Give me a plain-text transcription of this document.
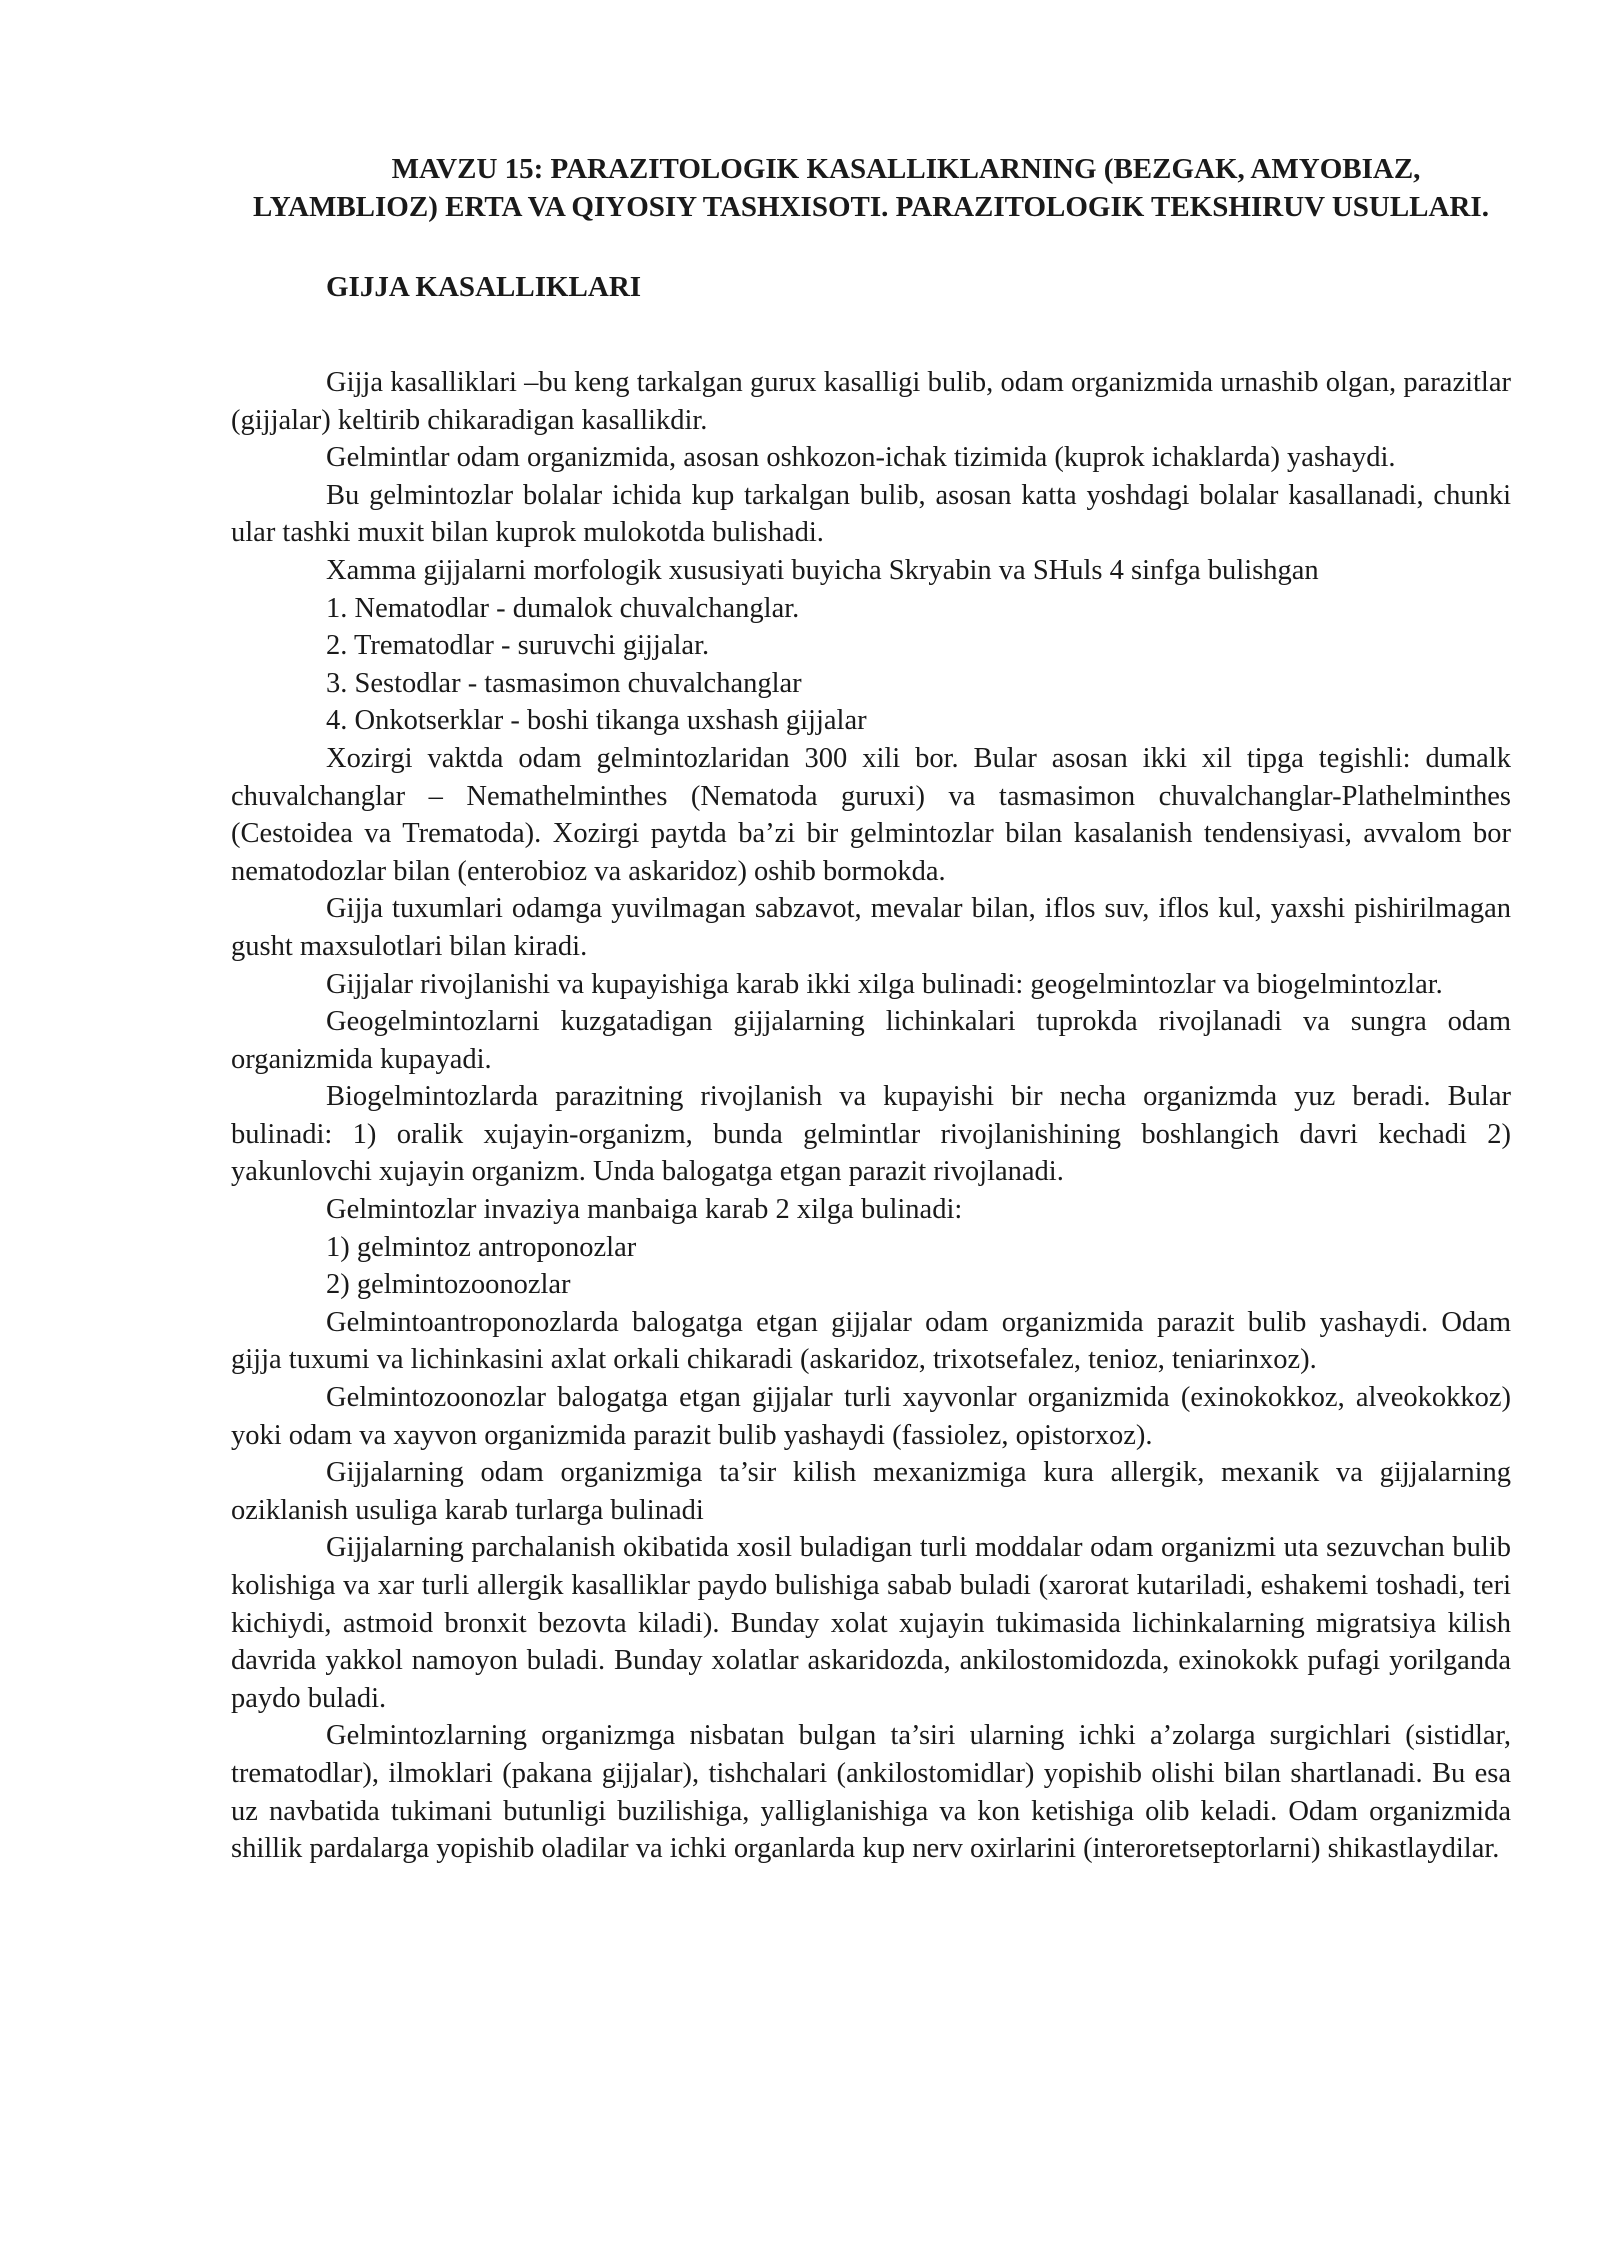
MAVZU 15: PARAZITOLOGIK KASALLIKLARNING (BEZGAK, AMYOBIAZ, LYAMBLIOZ) ERTA VA QIYOSIY TASHXISOTI. PARAZITOLOGIK TEKSHIRUV USULLARI.

GIJJA KASALLIKLARI

Gijja kasalliklari –bu keng tarkalgan gurux kasalligi bulib, odam organizmida urnashib olgan, parazitlar (gijjalar) keltirib chikaradigan kasallikdir.

Gelmintlar odam organizmida, asosan oshkozon-ichak tizimida (kuprok ichaklarda) yashaydi.

Bu gelmintozlar bolalar ichida kup tarkalgan bulib, asosan katta yoshdagi bolalar kasallanadi, chunki ular tashki muxit bilan kuprok mulokotda bulishadi.

Xamma gijjalarni morfologik xususiyati buyicha Skryabin va SHuls 4 sinfga bulishgan

1. Nematodlar - dumalok chuvalchanglar.

2. Trematodlar - suruvchi gijjalar.

3. Sestodlar - tasmasimon chuvalchanglar

4. Onkotserklar - boshi tikanga uxshash gijjalar

Xozirgi vaktda odam gelmintozlaridan 300 xili bor. Bular asosan ikki xil tipga tegishli: dumalk chuvalchanglar – Nemathelminthes (Nematoda guruxi) va tasmasimon chuvalchanglar-Plathelminthes (Cestoidea va Trematoda). Xozirgi paytda ba’zi bir gelmintozlar bilan kasalanish tendensiyasi, avvalom bor nematodozlar bilan (enterobioz va askaridoz) oshib bormokda.

Gijja tuxumlari odamga yuvilmagan sabzavot, mevalar bilan, iflos suv, iflos kul, yaxshi pishirilmagan gusht maxsulotlari bilan kiradi.

Gijjalar rivojlanishi va kupayishiga karab ikki xilga bulinadi: geogelmintozlar va biogelmintozlar.

Geogelmintozlarni kuzgatadigan gijjalarning lichinkalari tuprokda rivojlanadi va sungra odam organizmida kupayadi.

Biogelmintozlarda parazitning rivojlanish va kupayishi bir necha organizmda yuz beradi. Bular bulinadi: 1) oralik xujayin-organizm, bunda gelmintlar rivojlanishining boshlangich davri kechadi 2) yakunlovchi xujayin organizm. Unda balogatga etgan parazit rivojlanadi.

Gelmintozlar invaziya manbaiga karab 2 xilga bulinadi:

1) gelmintoz antroponozlar

2) gelmintozoonozlar

Gelmintoantroponozlarda balogatga etgan gijjalar odam organizmida parazit bulib yashaydi. Odam gijja tuxumi va lichinkasini axlat orkali chikaradi (askaridoz, trixotsefalez, tenioz, teniarinxoz).

Gelmintozoonozlar balogatga etgan gijjalar turli xayvonlar organizmida (exinokokkoz, alveokokkoz) yoki odam va xayvon organizmida parazit bulib yashaydi (fassiolez, opistorxoz).

Gijjalarning odam organizmiga ta’sir kilish mexanizmiga kura allergik, mexanik va gijjalarning oziklanish usuliga karab turlarga bulinadi

Gijjalarning parchalanish okibatida xosil buladigan turli moddalar odam organizmi uta sezuvchan bulib kolishiga va xar turli allergik kasalliklar paydo bulishiga sabab buladi (xarorat kutariladi, eshakemi toshadi, teri kichiydi, astmoid bronxit bezovta kiladi). Bunday xolat xujayin tukimasida lichinkalarning migratsiya kilish davrida yakkol namoyon buladi. Bunday xolatlar askaridozda, ankilostomidozda, exinokokk pufagi yorilganda paydo buladi.

Gelmintozlarning organizmga nisbatan bulgan ta’siri ularning ichki a’zolarga surgichlari (sistidlar, trematodlar), ilmoklari (pakana gijjalar), tishchalari (ankilostomidlar) yopishib olishi bilan shartlanadi. Bu esa uz navbatida tukimani butunligi buzilishiga, yalliglanishiga va kon ketishiga olib keladi. Odam organizmida shillik pardalarga yopishib oladilar va ichki organlarda kup nerv oxirlarini (interoretseptorlarni) shikastlaydilar.
